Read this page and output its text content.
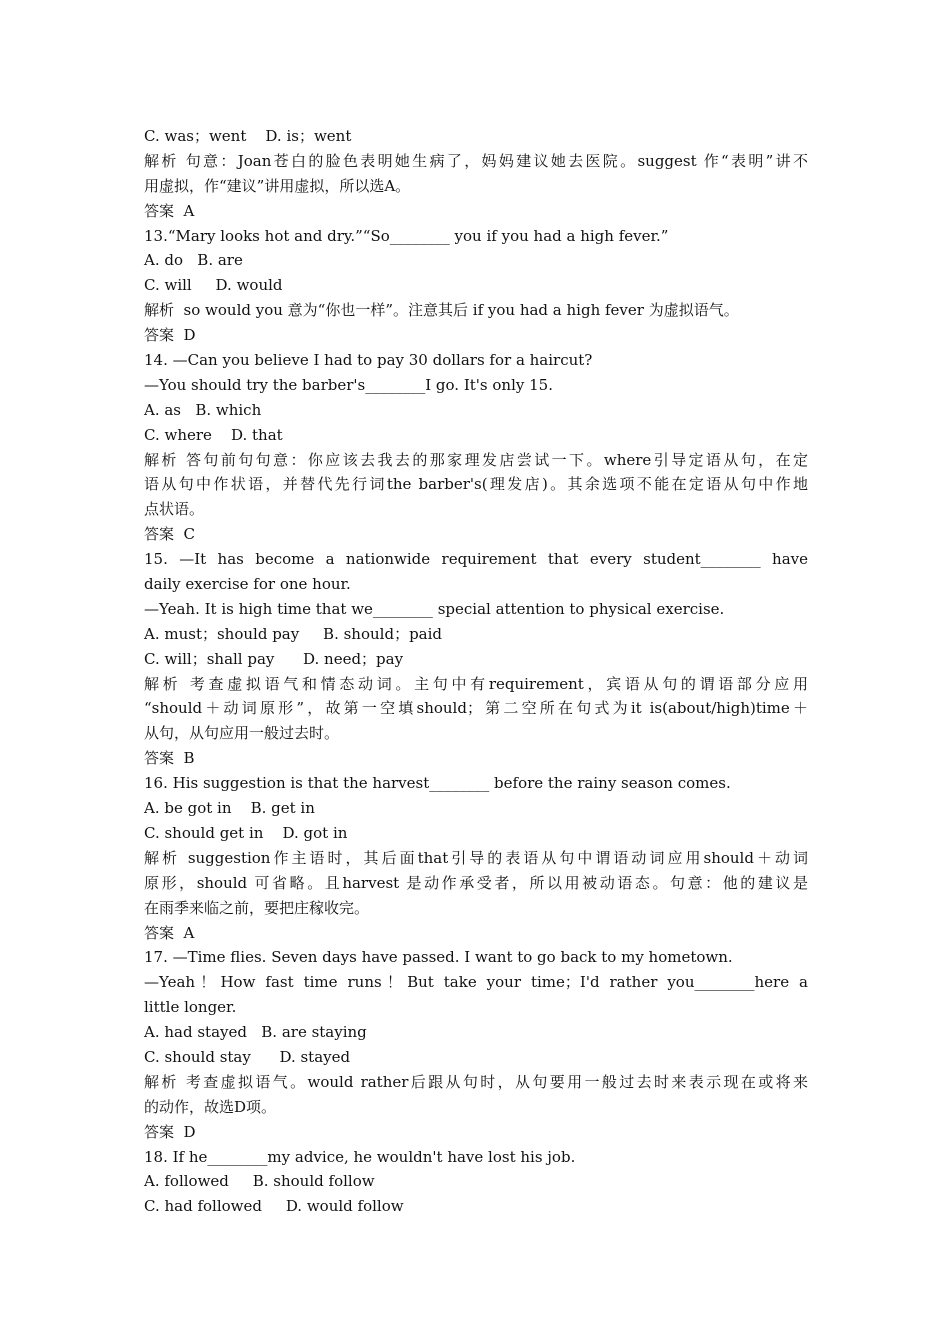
C. was；went    D. is；went
解析 句意：Joan苍白的脸色表明她生病了，妈妈建议她去医院。suggest 作“表明”讲不
用虚拟，作“建议”讲用虚拟，所以选A。
答案  A
13.“Mary looks hot and dry.”“So________ you if you had a high fever.”
A. do   B. are
C. will     D. would
解析  so would you 意为“你也一样”。注意其后 if you had a high fever 为虚拟语气。
答案  D
14. —Can you believe I had to pay 30 dollars for a haircut?
—You should try the barber's________I go. It's only 15.
A. as   B. which
C. where    D. that
解析 答句前句句意：你应该去我去的那家理发店尝试一下。where引导定语从句，在定
语从句中作状语，并替代先行词the barber's(理发店)。其余选项不能在定语从句中作地
点状语。
答案  C
15. —It has become a nationwide requirement that every student________ have
daily exercise for one hour.
—Yeah. It is high time that we________ special attention to physical exercise.
A. must；should pay     B. should；paid
C. will；shall pay      D. need；pay
解析 考查虚拟语气和情态动词。主句中有requirement，宾语从句的谓语部分应用
“should＋动词原形”，故第一空填should；第二空所在句式为it is(about/high)time＋
从句，从句应用一般过去时。
答案  B
16. His suggestion is that the harvest________ before the rainy season comes.
A. be got in    B. get in
C. should get in    D. got in
解析 suggestion作主语时，其后面that引导的表语从句中谓语动词应用should＋动词
原形，should 可省略。且harvest 是动作承受者，所以用被动语态。句意：他的建议是
在雨季来临之前，要把庄稼收完。
答案  A
17. —Time flies. Seven days have passed. I want to go back to my hometown.
—Yeah！How fast time runs！But take your time；I'd rather you________here a
little longer.
A. had stayed   B. are staying
C. should stay      D. stayed
解析 考查虚拟语气。would rather后跟从句时，从句要用一般过去时来表示现在或将来
的动作，故选D项。
答案  D
18. If he________my advice, he wouldn't have lost his job.
A. followed     B. should follow
C. had followed     D. would follow
